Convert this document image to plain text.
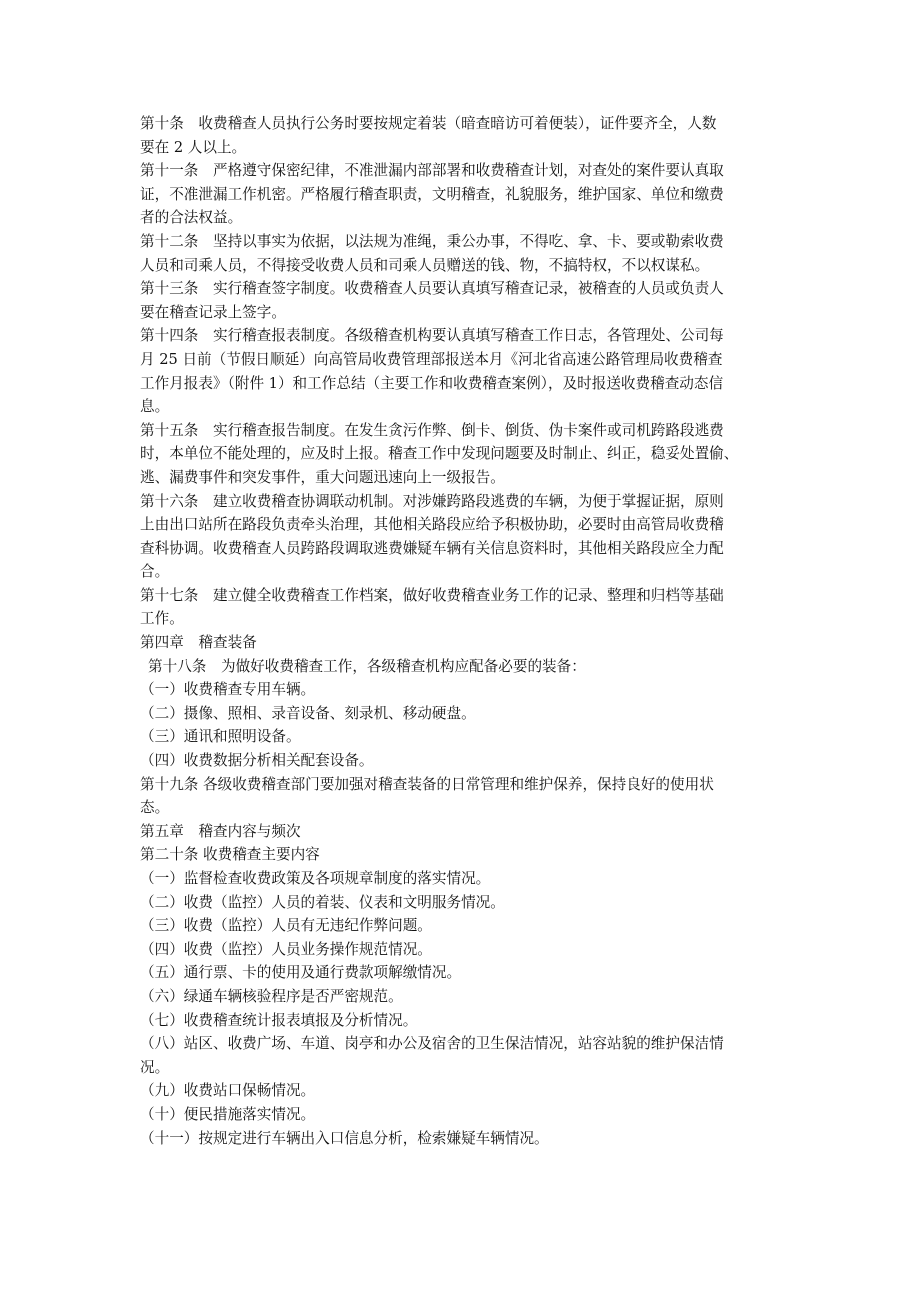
第十条　收费稽查人员执行公务时要按规定着装（暗查暗访可着便装），证件要齐全，人数
要在 2 人以上。
第十一条　严格遵守保密纪律，不准泄漏内部部署和收费稽查计划，对查处的案件要认真取
证，不准泄漏工作机密。严格履行稽查职责，文明稽查，礼貌服务，维护国家、单位和缴费
者的合法权益。
第十二条　坚持以事实为依据，以法规为准绳，秉公办事，不得吃、拿、卡、要或勒索收费
人员和司乘人员，不得接受收费人员和司乘人员赠送的钱、物，不搞特权，不以权谋私。
第十三条　实行稽查签字制度。收费稽查人员要认真填写稽查记录，被稽查的人员或负责人
要在稽查记录上签字。
第十四条　实行稽查报表制度。各级稽查机构要认真填写稽查工作日志，各管理处、公司每
月 25 日前（节假日顺延）向高管局收费管理部报送本月《河北省高速公路管理局收费稽查
工作月报表》（附件 1）和工作总结（主要工作和收费稽查案例），及时报送收费稽查动态信
息。
第十五条　实行稽查报告制度。在发生贪污作弊、倒卡、倒货、伪卡案件或司机跨路段逃费
时，本单位不能处理的，应及时上报。稽查工作中发现问题要及时制止、纠正，稳妥处置偷、
逃、漏费事件和突发事件，重大问题迅速向上一级报告。
第十六条　建立收费稽查协调联动机制。对涉嫌跨路段逃费的车辆，为便于掌握证据，原则
上由出口站所在路段负责牵头治理，其他相关路段应给予积极协助，必要时由高管局收费稽
查科协调。收费稽查人员跨路段调取逃费嫌疑车辆有关信息资料时，其他相关路段应全力配
合。
第十七条　建立健全收费稽查工作档案，做好收费稽查业务工作的记录、整理和归档等基础
工作。
第四章　稽查装备
第十八条　为做好收费稽查工作，各级稽查机构应配备必要的装备：
（一）收费稽查专用车辆。
（二）摄像、照相、录音设备、刻录机、移动硬盘。
（三）通讯和照明设备。
（四）收费数据分析相关配套设备。
第十九条 各级收费稽查部门要加强对稽查装备的日常管理和维护保养，保持良好的使用状
态。
第五章　稽查内容与频次
第二十条 收费稽查主要内容
（一）监督检查收费政策及各项规章制度的落实情况。
（二）收费（监控）人员的着装、仪表和文明服务情况。
（三）收费（监控）人员有无违纪作弊问题。
（四）收费（监控）人员业务操作规范情况。
（五）通行票、卡的使用及通行费款项解缴情况。
（六）绿通车辆核验程序是否严密规范。
（七）收费稽查统计报表填报及分析情况。
（八）站区、收费广场、车道、岗亭和办公及宿舍的卫生保洁情况，站容站貌的维护保洁情
况。
（九）收费站口保畅情况。
（十）便民措施落实情况。
（十一）按规定进行车辆出入口信息分析，检索嫌疑车辆情况。
